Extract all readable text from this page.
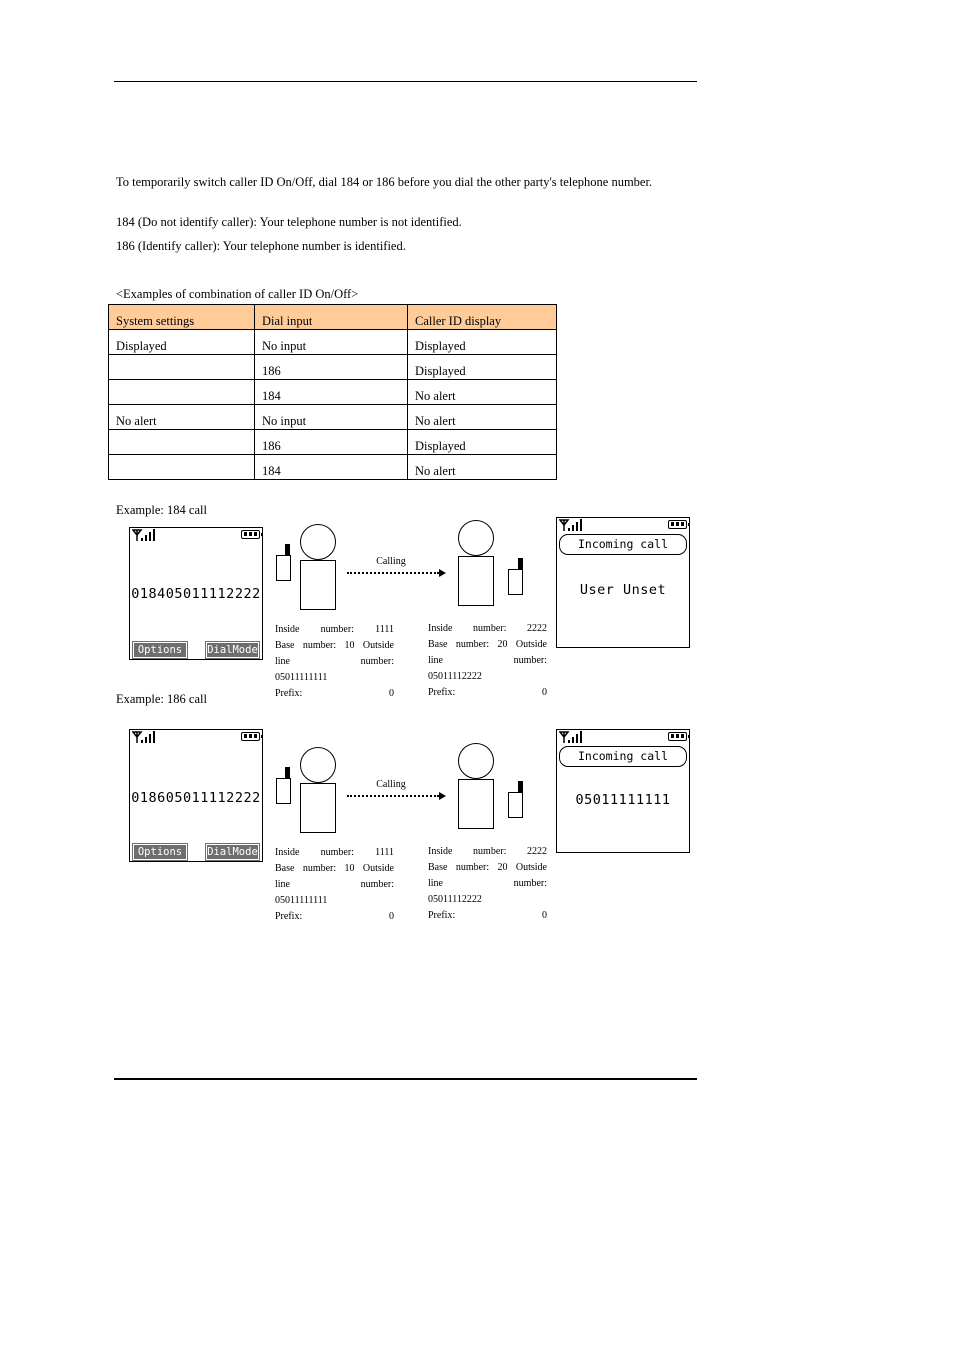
To temporarily switch caller ID On/Off, dial 184 or 186 before you dial the other party's telephone number.

184 (Do not identify caller): Your telephone number is not identified.

186 (Identify caller): Your telephone number is identified.

<Examples of combination of caller ID On/Off>

System settings	Dial input	Caller ID display
Displayed	No input	Displayed
	186	Displayed
	184	No alert
No alert	No input	No alert
	186	Displayed
	184	No alert
Example: 184 call
018405011112222
Options	DialMode
Calling
Inside number: 1111
Base number: 10 Outside
line number:
05011111111
Prefix: 0
Inside number: 2222
Base number: 20 Outside
line number:
05011112222
Prefix: 0
Incoming call
User Unset
Example: 186 call
018605011112222
Options	DialMode
Calling
Inside number: 1111
Base number: 10 Outside
line number:
05011111111
Prefix: 0
Inside number: 2222
Base number: 20 Outside
line number:
05011112222
Prefix: 0
Incoming call
05011111111
